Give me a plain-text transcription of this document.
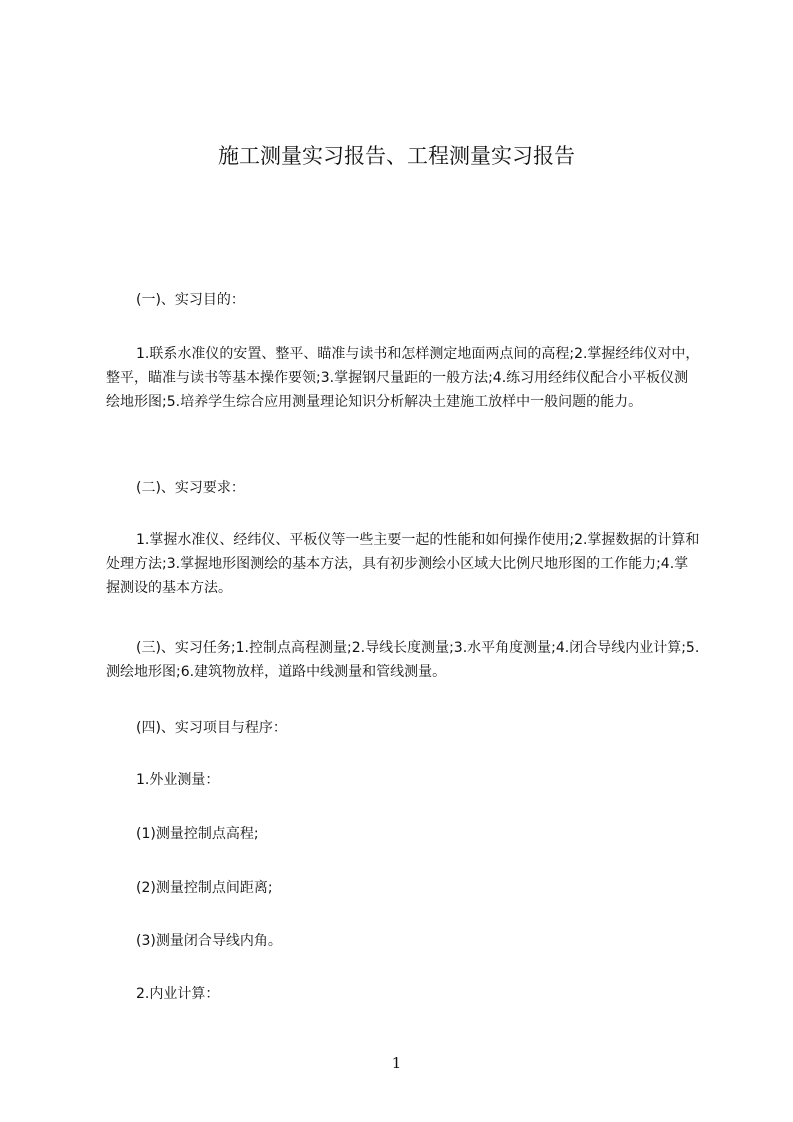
施工测量实习报告、工程测量实习报告

(一)、实习目的：

1.联系水准仪的安置、整平、瞄准与读书和怎样测定地面两点间的高程;2.掌握经纬仪对中，整平，瞄准与读书等基本操作要领;3.掌握钢尺量距的一般方法;4.练习用经纬仪配合小平板仪测绘地形图;5.培养学生综合应用测量理论知识分析解决土建施工放样中一般问题的能力。

(二)、实习要求：

1.掌握水准仪、经纬仪、平板仪等一些主要一起的性能和如何操作使用;2.掌握数据的计算和处理方法;3.掌握地形图测绘的基本方法，具有初步测绘小区域大比例尺地形图的工作能力;4.掌握测设的基本方法。

(三)、实习任务;1.控制点高程测量;2.导线长度测量;3.水平角度测量;4.闭合导线内业计算;5.测绘地形图;6.建筑物放样，道路中线测量和管线测量。

(四)、实习项目与程序：

1.外业测量：

(1)测量控制点高程;

(2)测量控制点间距离;

(3)测量闭合导线内角。

2.内业计算：

1
